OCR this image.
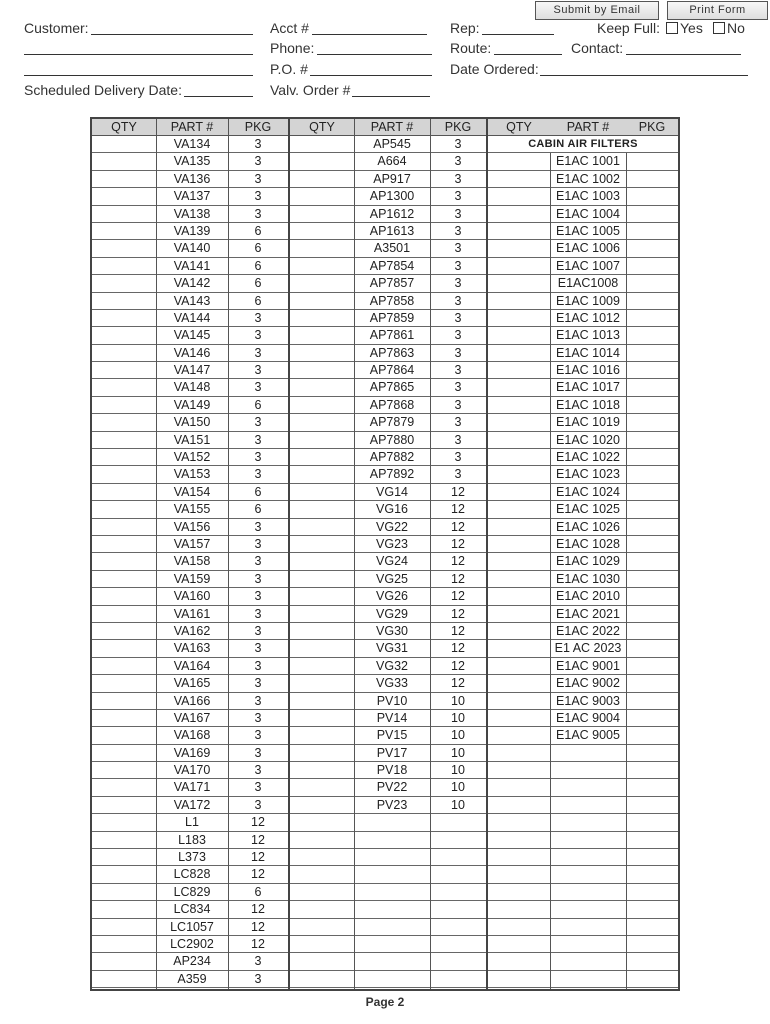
Submit by Email	Print Form
Customer:	Acct #	Rep:	Keep Full:	Yes	No
Phone:	Route:	Contact:
P.O. #	Date Ordered:
Scheduled Delivery Date:	Valv. Order #
QTY	PART #	PKG
VA134	3
VA135	3
VA136	3
VA137	3
VA138	3
VA139	6
VA140	6
VA141	6
VA142	6
VA143	6
VA144	3
VA145	3
VA146	3
VA147	3
VA148	3
VA149	6
VA150	3
VA151	3
VA152	3
VA153	3
VA154	6
VA155	6
VA156	3
VA157	3
VA158	3
VA159	3
VA160	3
VA161	3
VA162	3
VA163	3
VA164	3
VA165	3
VA166	3
VA167	3
VA168	3
VA169	3
VA170	3
VA171	3
VA172	3
L1	12
L183	12
L373	12
LC828	12
LC829	6
LC834	12
LC1057	12
LC2902	12
AP234	3
A359	3
QTY	PART #	PKG
AP545	3
A664	3
AP917	3
AP1300	3
AP1612	3
AP1613	3
A3501	3
AP7854	3
AP7857	3
AP7858	3
AP7859	3
AP7861	3
AP7863	3
AP7864	3
AP7865	3
AP7868	3
AP7879	3
AP7880	3
AP7882	3
AP7892	3
VG14	12
VG16	12
VG22	12
VG23	12
VG24	12
VG25	12
VG26	12
VG29	12
VG30	12
VG31	12
VG32	12
VG33	12
PV10	10
PV14	10
PV15	10
PV17	10
PV18	10
PV22	10
PV23	10
QTY	PART #	PKG
CABIN AIR FILTERS
E1AC 1001
E1AC 1002
E1AC 1003
E1AC 1004
E1AC 1005
E1AC 1006
E1AC 1007
E1AC1008
E1AC 1009
E1AC 1012
E1AC 1013
E1AC 1014
E1AC 1016
E1AC 1017
E1AC 1018
E1AC 1019
E1AC 1020
E1AC 1022
E1AC 1023
E1AC 1024
E1AC 1025
E1AC 1026
E1AC 1028
E1AC 1029
E1AC 1030
E1AC 2010
E1AC 2021
E1AC 2022
E1 AC 2023
E1AC 9001
E1AC 9002
E1AC 9003
E1AC 9004
E1AC 9005
Page 2
